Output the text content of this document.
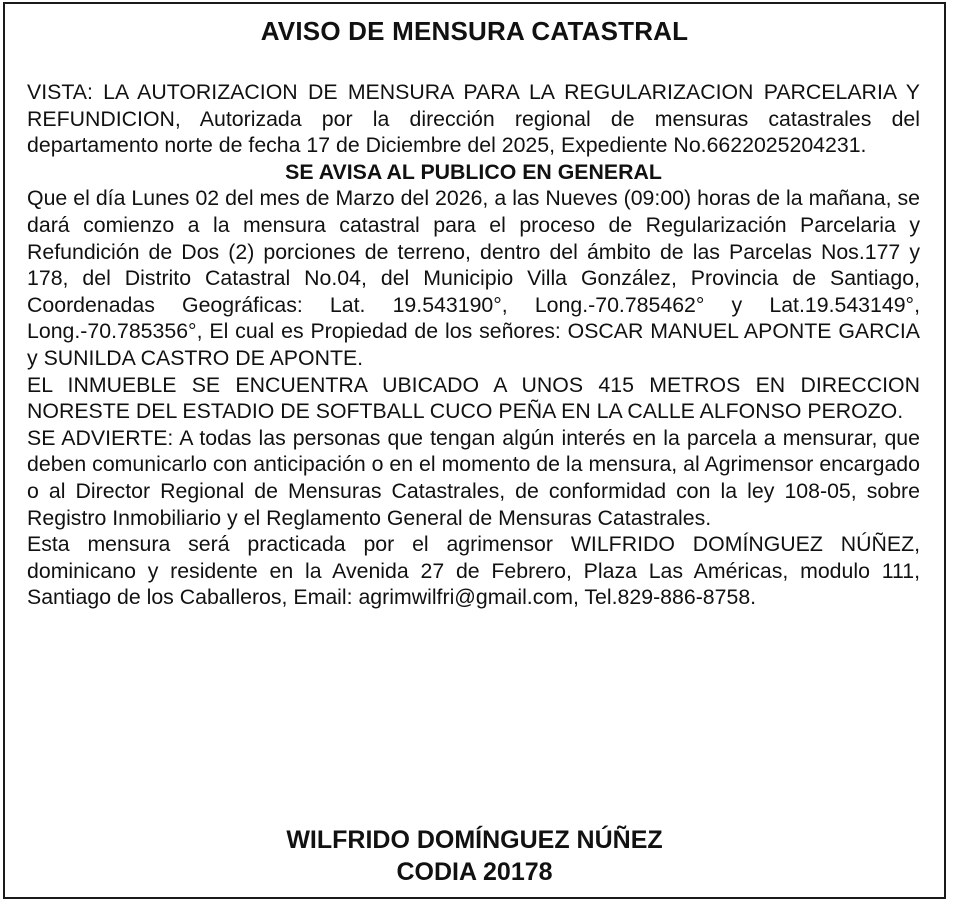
AVISO DE MENSURA CATASTRAL

VISTA: LA AUTORIZACION DE MENSURA PARA LA REGULARIZACION PARCELARIA Y REFUNDICION, Autorizada por la dirección regional de mensuras catastrales del departamento norte de fecha 17 de Diciembre del 2025, Expediente No.6622025204231.

SE AVISA AL PUBLICO EN GENERAL

Que el día Lunes 02 del mes de Marzo del 2026, a las Nueves (09:00) horas de la mañana, se dará comienzo a la mensura catastral para el proceso de Regularización Parcelaria y Refundición de Dos (2) porciones de terreno, dentro del ámbito de las Parcelas Nos.177 y 178, del Distrito Catastral No.04, del Municipio Villa González, Provincia de Santiago, Coordenadas Geográficas: Lat. 19.543190°, Long.-70.785462° y Lat.19.543149°, Long.-70.785356°, El cual es Propiedad de los señores: OSCAR MANUEL APONTE GARCIA y SUNILDA CASTRO DE APONTE.

EL INMUEBLE SE ENCUENTRA UBICADO A UNOS 415 METROS EN DIRECCION NORESTE DEL ESTADIO DE SOFTBALL CUCO PEÑA EN LA CALLE ALFONSO PEROZO.

SE ADVIERTE: A todas las personas que tengan algún interés en la parcela a mensurar, que deben comunicarlo con anticipación o en el momento de la mensura, al Agrimensor encargado o al Director Regional de Mensuras Catastrales, de conformidad con la ley 108-05, sobre Registro Inmobiliario y el Reglamento General de Mensuras Catastrales.

Esta mensura será practicada por el agrimensor WILFRIDO DOMÍNGUEZ NÚÑEZ, dominicano y residente en la Avenida 27 de Febrero, Plaza Las Américas, modulo 111, Santiago de los Caballeros, Email: agrimwilfri@gmail.com, Tel.829-886-8758.

WILFRIDO DOMÍNGUEZ NÚÑEZ
CODIA 20178
